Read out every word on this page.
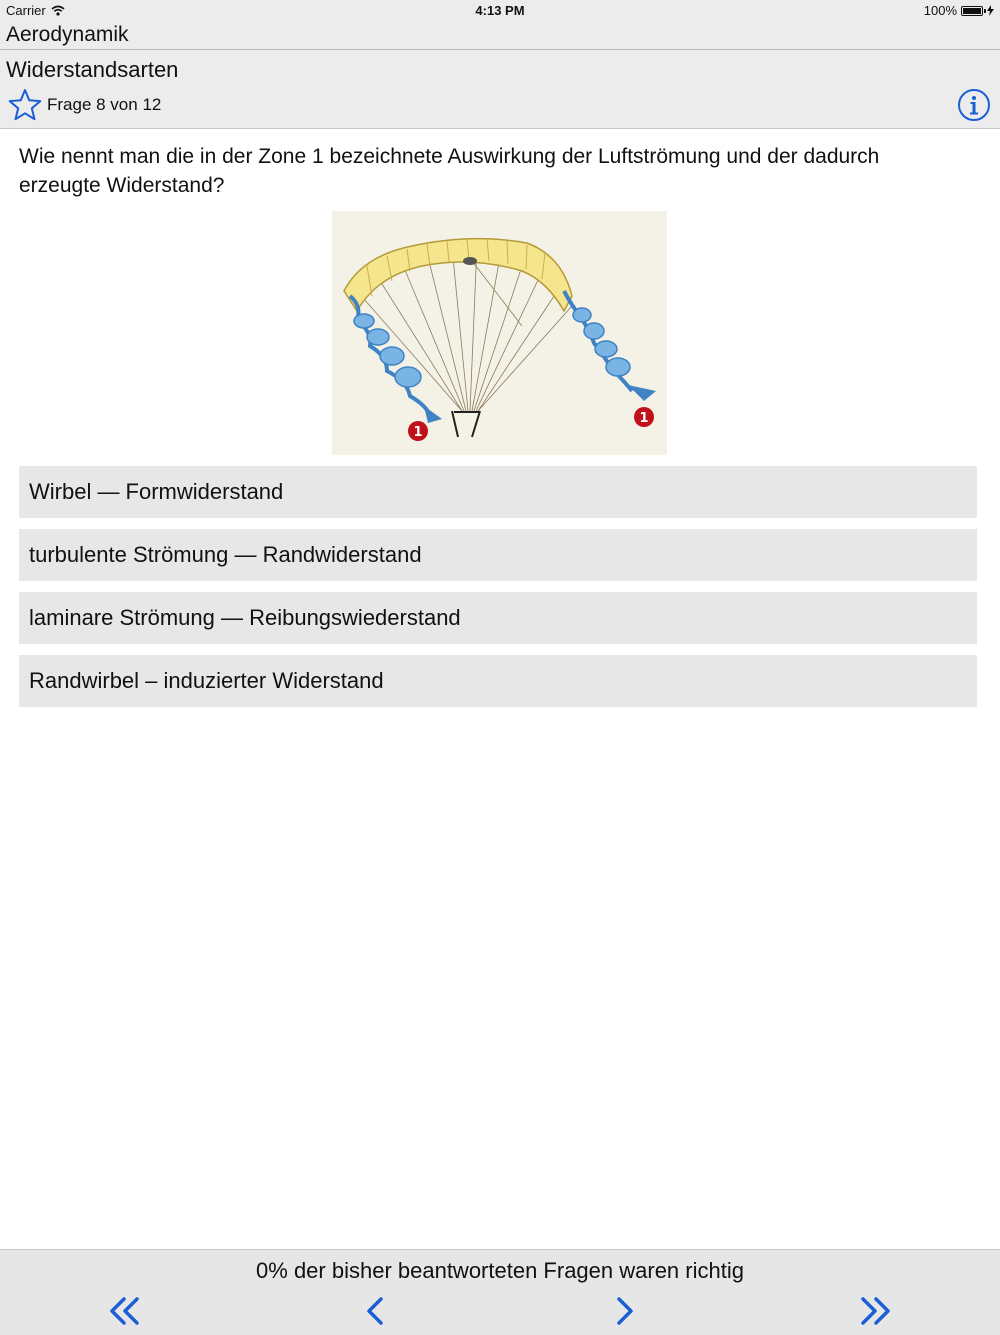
Carrier	4:13 PM	100%
Aerodynamik
Widerstandsarten
Frage 8 von 12
Wie nennt man die in der Zone 1 bezeichnete Auswirkung der Luftströmung und der dadurch erzeugte Widerstand?
1
1
Wirbel — Formwiderstand
turbulente Strömung — Randwiderstand
laminare Strömung — Reibungswiederstand
Randwirbel – induzierter Widerstand
0% der bisher beantworteten Fragen waren richtig
